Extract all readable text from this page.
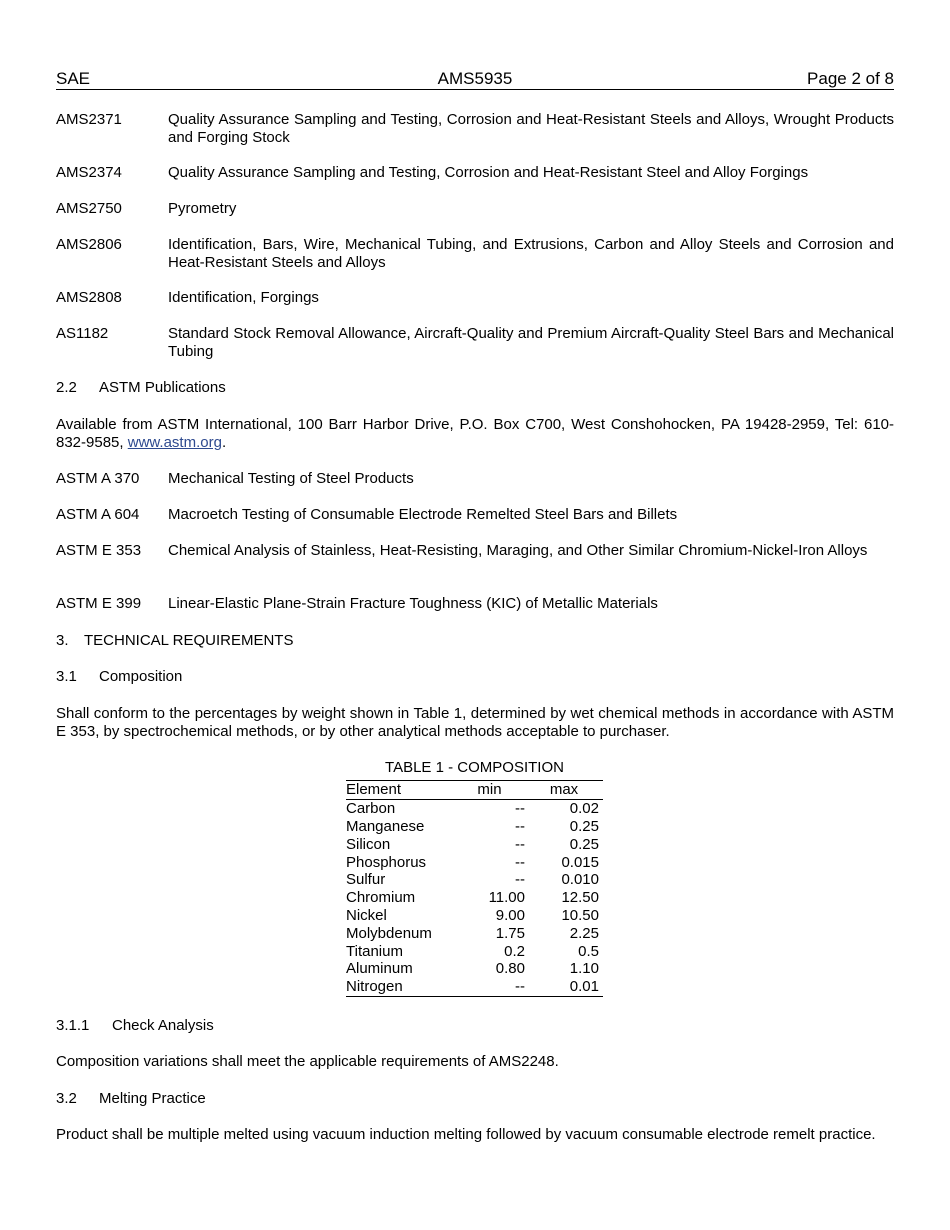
SAE	AMS5935	Page 2 of 8
AMS2371	Quality Assurance Sampling and Testing, Corrosion and Heat-Resistant Steels and Alloys, Wrought Products and Forging Stock
AMS2374	Quality Assurance Sampling and Testing, Corrosion and Heat-Resistant Steel and Alloy Forgings
AMS2750	Pyrometry
AMS2806	Identification, Bars, Wire, Mechanical Tubing, and Extrusions, Carbon and Alloy Steels and Corrosion and Heat-Resistant Steels and Alloys
AMS2808	Identification, Forgings
AS1182	Standard Stock Removal Allowance, Aircraft-Quality and Premium Aircraft-Quality Steel Bars and Mechanical Tubing
2.2 ASTM Publications
Available from ASTM International, 100 Barr Harbor Drive, P.O. Box C700, West Conshohocken, PA 19428-2959, Tel: 610-832-9585, www.astm.org.
ASTM A 370 Mechanical Testing of Steel Products
ASTM A 604 Macroetch Testing of Consumable Electrode Remelted Steel Bars and Billets
ASTM E 353 Chemical Analysis of Stainless, Heat-Resisting, Maraging, and Other Similar Chromium-Nickel-Iron Alloys
ASTM E 399 Linear-Elastic Plane-Strain Fracture Toughness (KIC) of Metallic Materials
3. TECHNICAL REQUIREMENTS
3.1 Composition
Shall conform to the percentages by weight shown in Table 1, determined by wet chemical methods in accordance with ASTM E 353, by spectrochemical methods, or by other analytical methods acceptable to purchaser.
TABLE 1 - COMPOSITION
Element	min	max
Carbon	--	0.02
Manganese	--	0.25
Silicon	--	0.25
Phosphorus	--	0.015
Sulfur	--	0.010
Chromium	11.00	12.50
Nickel	9.00	10.50
Molybdenum	1.75	2.25
Titanium	0.2	0.5
Aluminum	0.80	1.10
Nitrogen	--	0.01
3.1.1 Check Analysis
Composition variations shall meet the applicable requirements of AMS2248.
3.2 Melting Practice
Product shall be multiple melted using vacuum induction melting followed by vacuum consumable electrode remelt practice.
